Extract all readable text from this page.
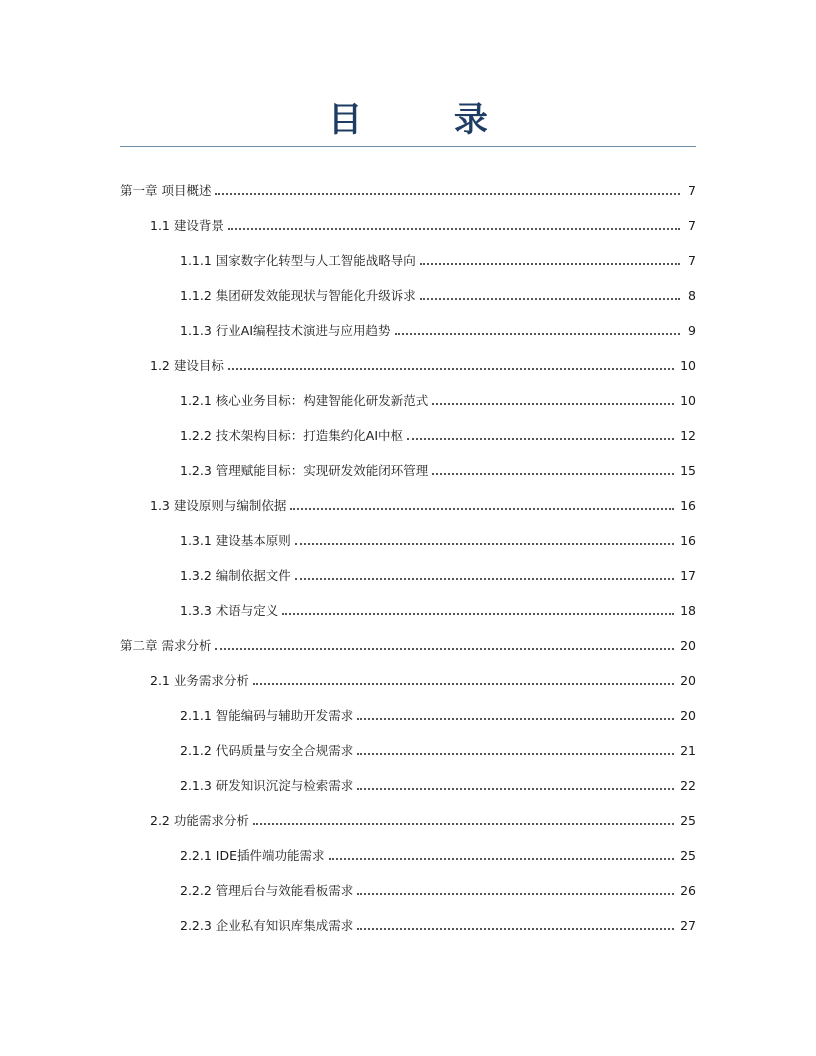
目 录
第一章 项目概述	7
1.1 建设背景	7
1.1.1 国家数字化转型与人工智能战略导向	7
1.1.2 集团研发效能现状与智能化升级诉求	8
1.1.3 行业AI编程技术演进与应用趋势	9
1.2 建设目标	10
1.2.1 核心业务目标：构建智能化研发新范式	10
1.2.2 技术架构目标：打造集约化AI中枢	12
1.2.3 管理赋能目标：实现研发效能闭环管理	15
1.3 建设原则与编制依据	16
1.3.1 建设基本原则	16
1.3.2 编制依据文件	17
1.3.3 术语与定义	18
第二章 需求分析	20
2.1 业务需求分析	20
2.1.1 智能编码与辅助开发需求	20
2.1.2 代码质量与安全合规需求	21
2.1.3 研发知识沉淀与检索需求	22
2.2 功能需求分析	25
2.2.1 IDE插件端功能需求	25
2.2.2 管理后台与效能看板需求	26
2.2.3 企业私有知识库集成需求	27
